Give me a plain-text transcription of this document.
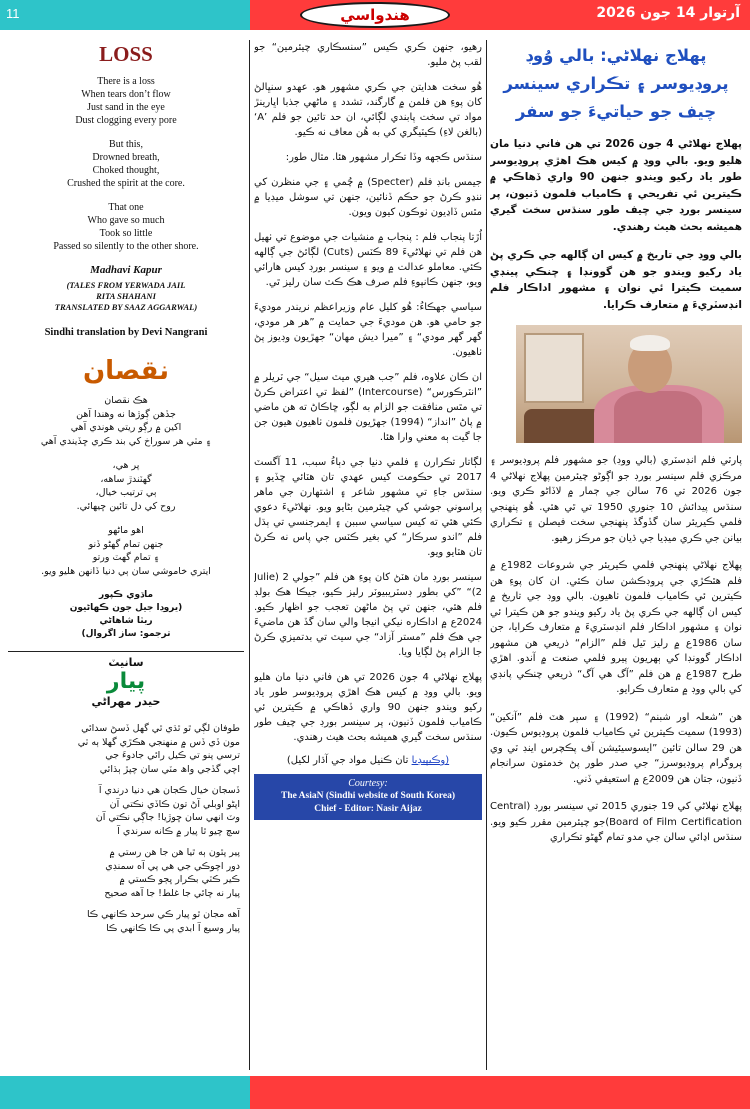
11	آرتوار 14 جون 2026
هندواسي
LOSS
There is a loss
When tears don’t flow
Just sand in the eye
Dust clogging every pore
But this,
Drowned breath,
Choked thought,
Crushed the spirit at the core.
That one
Who gave so much
Took so little
Passed so silently to the other shore.
Madhavi Kapur
(TALES FROM YERWADA JAIL
RITA SHAHANI
TRANSLATED BY SAAZ AGGARWAL)
Sindhi translation by Devi Nangrani
نقصان
هڪ نقصان
جڏهن ڳوڙها نه وهندا آهن
اکين ۾ رڳو ريتي هوندي آهي
۽ مٽي هر سوراخ کي بند ڪري ڇڏيندي آهي
پر هي،
گهٽندڙ ساهه،
ٻي ترتيب خيال،
روح کي دل تائين ڇيهائي.
اهو ماڻهو
جنهن تمام گهڻو ڏنو
۽ تمام گهٽ ورتو
ايتري خاموشي سان ٻي دنيا ڏانهن هليو ويو.
ماڌوي ڪپور
(يروڊا جيل جون ڪهاڻيون
ريٽا شاهاڻي
ترجمو: ساز اگروال)
سانيٽ
پيار
حيدر مهراڻي
طوفان لڳي ٿو ٿڌي ٿي گهل ڏسڻ سدائي
مون ڏي ڏس ۾ منهنجي هڪڙي گهلا ٻه ٽي
ترسي پنو تي ڪيل رائي جادوءَ جي
اچي گڏجي واھ مٽي سان چپڙ ٻڌائي
ڏسجان خيال ڪجان هي دنيا درندي آ
اپڻو اوبلي آڻ تون ڪاڏي نڪتي آن
وٽ انهي سان ڇوڙيا! جاڳي نڪتي آن
سچ چيو ٿا پيار ۾ ڪانه سرندي آ
پير پٿون ٻه ٿيا هن جا هن رستي ۾
دور اچوڪي جي هي پي آه سمنڊي
ڪير ڪٽي بڪرار ڀڄو ڪستي ۾
پيار نه چائي جا غلط! جا آهه صحيح
آهه مجان ٿو پيار ڪي سرحد ڪانهي ڪا
پيار وسيع آ ابدي پي ڪا ڪانهي ڪا

رهيو، جنهن ڪري ڪيس ”سنسڪاري چيئرمين“ جو لقب پڻ مليو.

هُو سخت هدايتن جي ڪري مشهور هو. عهدو سنڀالڻ کان پوءِ هن فلمن ۾ گارگند، تشدد ۽ ماڻهي جذبا اڀارينڙ مواد تي سخت پابندي لڳائي، ان حد تائين جو فلم ’A‘ (بالغن لاءِ) ڪيٽيگري کي به هُن معاف نه ڪيو.

سنڌس ڪجهه وڏا تڪرار مشهور هئا. مثال طور:

جيمس بانڊ فلم (Specter) ۾ چُمي ۽ جي منظرن کي ننڍو ڪرڻ جو حڪم ڏنائين، جنهن تي سوشل ميڊيا ۾ مٿس ڏاڍيون ٺوڪون کيون ويون.

اُڙتا پنجاب فلم : پنجاب ۾ منشيات جي موضوع تي ٺهيل هن فلم تي نهلاڻيءَ 89 ڪٽس (Cuts) لڳائڻ جي ڳالهه ڪئي. معاملو عدالت ۾ ويو ۽ سينسر بورڊ کيس هارائي ويو، جنهن ڪانپوءِ فلم صرف هڪ ڪٽ سان رليز ٿي.

سياسي جهڪاءُ: هُو کليل عام وزيراعظم نريندر موديءَ جو حامي هو. هن موديءَ جي حمايت ۾ ”هر هر مودي، گهر گهر مودي“ ۽ ”ميرا ديش مهان“ جهڙيون وڊيوز پڻ ٺاهيون.

ان ڪان علاوه، فلم ”جب هيري ميٽ سيل“ جي ٽريلر ۾ ”انٽرڪورس“ (Intercourse) ”لفظ تي اعتراض ڪرڻ تي مٿس منافقت جو الزام به لڳو، ڇاڪاڻ ته هن ماضي ۾ پاڻ ”انداز“ (1994) جهڙيون فلمون ٺاهيون هيون جن جا گيت ٻه معني وارا هئا.

لڳاتار تڪرارن ۽ فلمي دنيا جي دٻاءُ سبب، 11 آگسٽ 2017 تي حڪومت کيس عهدي تان هٽائي ڇڏيو ۽ سنڌس جاءِ تي مشهور شاعر ۽ اشتهارن جي ماهر پراسوني جوشي کي چيئرمين بڻايو ويو. نهلاڻيءَ دعوي ڪئي هئي ته کيس سياسي سببن ۽ ايمرجنسي تي ٻڌل فلم ”اندو سرڪار“ کي بغير ڪٽس جي پاس نه ڪرڻ تان هٽايو ويو.

سينسر بورڊ مان هٽڻ کان پوءِ هن فلم ”جولي 2 (Julie 2)“ ”کي بطور ڊسٽريبيوٽر رليز ڪيو، جيڪا هڪ بولڊ فلم هئي، جنهن تي پڻ ماڻهن تعجب جو اظهار ڪيو. 2024ع ۾ اداڪاره نيکي انيجا والي سان گڏ هن ماضيءَ جي هڪ فلم ”مستر آزاد“ جي سيٽ تي بدتميزي ڪرڻ جا الزام پڻ لڳايا ويا.

پهلاج نهلاڻي 4 جون 2026 تي هن فاني دنيا مان هليو ويو. بالي ووڊ ۾ کيس هڪ اهڙي پروڊيوسر طور ياد رکيو ويندو جنهن 90 واري ڏهاڪي ۾ ڪيترين ئي ڪامياب فلمون ڏنيون، پر سينسر بورڊ جي چيف طور سنڌس سخت گيري هميشه بحث هيٺ رهندي.

(وڪيپيڊيا تان ڪنيل مواد جي آڌار لکيل)
Courtesy:
The AsiaN (Sindhi website of South Korea)
Chief - Editor: Nasir Aijaz
پهلاج نهلاڻي: بالي وُوڊ پروڊيوسر ۽ تڪراري سينسر چيف جو حياتيءَ جو سفر

پهلاج نهلاڻي 4 جون 2026 تي هن فاني دنيا مان هليو ويو. بالي ووڊ ۾ کيس هڪ اهڙي پروڊيوسر طور ياد رکيو ويندو جنهن 90 واري ڏهاڪي ۾ ڪيترين ئي تفريحي ۽ ڪامياب فلمون ڏنيون، پر سينسر بورڊ جي چيف طور سنڌس سخت گيري هميشه بحث هيٺ رهندي.

بالي ووڊ جي تاريخ ۾ کيس ان ڳالهه جي ڪري پڻ ياد رکيو ويندو جو هن گوونڊا ۽ چنڪي پينڊي سميت ڪيترا ئي نوان ۽ مشهور اداڪار فلم انڊسٽريءَ ۾ متعارف ڪرايا.

پارٽي فلم انڊسٽري (بالي ووڊ) جو مشهور فلم پروڊيوسر ۽ مرڪزي فلم سينسر بورڊ جو اڳوڻو چيئرمين پهلاج نهلاڻي 4 جون 2026 تي 76 سالن جي ڄمار ۾ لاڏاڻو ڪري ويو. سنڌس پيدائش 10 جنوري 1950 تي ٿي هئي. هُو پنهنجي فلمي ڪيريئر سان گڏوگڏ پنهنجي سخت فيصلن ۽ تڪراري بيانن جي ڪري ميڊيا جي ڌيان جو مرڪز رهيو.

پهلاج نهلاڻي پنهنجي فلمي ڪيريئر جي شروعات 1982ع ۾ فلم هٿڪڙي جي پروڊڪشن سان ڪئي. ان کان پوءِ هن ڪيترين ئي ڪامياب فلمون ٺاهيون. بالي ووڊ جي تاريخ ۾ کيس ان ڳالهه جي ڪري پڻ ياد رکيو ويندو جو هن ڪيترا ئي نوان ۽ مشهور اداڪار فلم انڊسٽريءَ ۾ متعارف ڪرايا، جن سان 1986ع ۾ رليز ٿيل فلم ”الزام“ ذريعي هن مشهور اداڪار گوونڊا کي ٻهريون پيرو فلمي صنعت ۾ آندو. اهڙي طرح 1987ع ۾ هن فلم ”آگ هي آگ“ ذريعي چنڪي پانڊي کي بالي ووڊ ۾ متعارف ڪرايو.

هن ”شعلہ اور شبنم“ (1992) ۽ سپر هٽ فلم ”آنکين“ (1993) سميت ڪيترين ئي ڪامياب فلمون پروڊيوس ڪيون. هن 29 سالن تائين ”ايسوسيئيشن آف پڪچرس اينڊ ٽي وي پروگرام پروڊيوسرز“ جي صدر طور پڻ خدمتون سرانجام ڏنيون، جتان هن 2009ع ۾ استعيفي ڏني.

پهلاج نهلاڻي کي 19 جنوري 2015 تي سينسر بورڊ (Central Board of Film Certification)جو چيئرمين مقرر ڪيو ويو. سنڌس اڍائي سالن جي مدو تمام گهڻو تڪراري
